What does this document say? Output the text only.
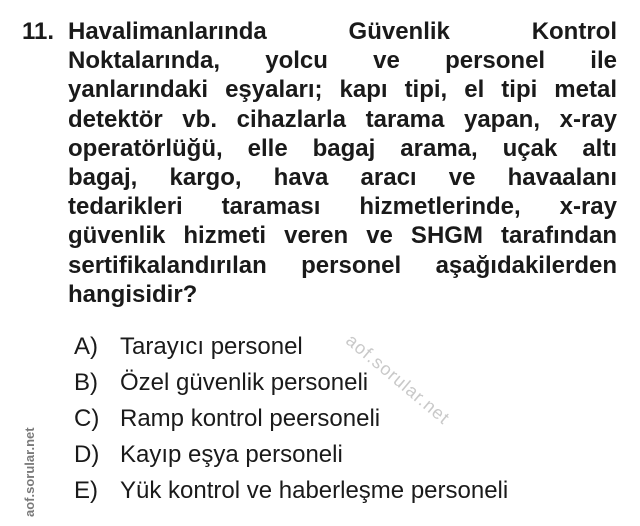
11. Havalimanlarında Güvenlik Kontrol
Noktalarında, yolcu ve personel ile
yanlarındaki eşyaları; kapı tipi, el tipi metal
detektör vb. cihazlarla tarama yapan, x-ray
operatörlüğü, elle bagaj arama, uçak altı
bagaj, kargo, hava aracı ve havaalanı
tedarikleri taraması hizmetlerinde, x-ray
güvenlik hizmeti veren ve SHGM tarafından
sertifikalandırılan personel aşağıdakilerden
hangisidir?
A) Tarayıcı personel
B) Özel güvenlik personeli
C) Ramp kontrol peersoneli
D) Kayıp eşya personeli
E) Yük kontrol ve haberleşme personeli
aof.sorular.net
aof.sorular.net
